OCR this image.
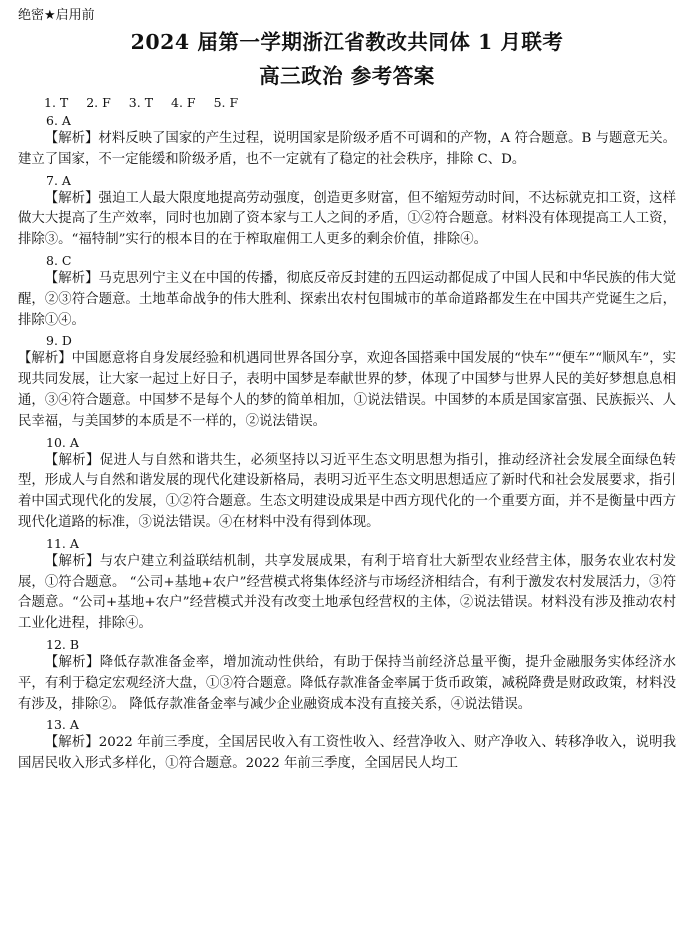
绝密★启用前

2024 届第一学期浙江省教改共同体 1 月联考
高三政治 参考答案
1. T 2. F 3. T 4. F 5. F

6. A

【解析】材料反映了国家的产生过程，说明国家是阶级矛盾不可调和的产物，A 符合题意。B 与题意无关。建立了国家，不一定能缓和阶级矛盾，也不一定就有了稳定的社会秩序，排除 C、D。

7. A

【解析】强迫工人最大限度地提高劳动强度，创造更多财富，但不缩短劳动时间，不达标就克扣工资，这样做大大提高了生产效率，同时也加剧了资本家与工人之间的矛盾，①②符合题意。材料没有体现提高工人工资，排除③。“福特制”实行的根本目的在于榨取雇佣工人更多的剩余价值，排除④。

8. C

【解析】马克思列宁主义在中国的传播，彻底反帝反封建的五四运动都促成了中国人民和中华民族的伟大觉醒，②③符合题意。土地革命战争的伟大胜利、探索出农村包围城市的革命道路都发生在中国共产党诞生之后，排除①④。

9. D

【解析】中国愿意将自身发展经验和机遇同世界各国分享，欢迎各国搭乘中国发展的“快车”“便车”“顺风车”，实现共同发展，让大家一起过上好日子，表明中国梦是奉献世界的梦，体现了中国梦与世界人民的美好梦想息息相通，③④符合题意。中国梦不是每个人的梦的简单相加，①说法错误。中国梦的本质是国家富强、民族振兴、人民幸福，与美国梦的本质是不一样的，②说法错误。

10. A

【解析】促进人与自然和谐共生，必须坚持以习近平生态文明思想为指引，推动经济社会发展全面绿色转型，形成人与自然和谐发展的现代化建设新格局，表明习近平生态文明思想适应了新时代和社会发展要求，指引着中国式现代化的发展，①②符合题意。生态文明建设成果是中西方现代化的一个重要方面，并不是衡量中西方现代化道路的标准，③说法错误。④在材料中没有得到体现。

11. A

【解析】与农户建立利益联结机制，共享发展成果，有利于培育壮大新型农业经营主体，服务农业农村发展，①符合题意。 “公司+基地+农户”经营模式将集体经济与市场经济相结合，有利于激发农村发展活力，③符合题意。“公司+基地+农户”经营模式并没有改变土地承包经营权的主体，②说法错误。材料没有涉及推动农村工业化进程，排除④。

12. B

【解析】降低存款准备金率，增加流动性供给，有助于保持当前经济总量平衡，提升金融服务实体经济水平，有利于稳定宏观经济大盘，①③符合题意。降低存款准备金率属于货币政策，减税降费是财政政策，材料没有涉及，排除②。 降低存款准备金率与减少企业融资成本没有直接关系，④说法错误。

13. A

【解析】2022 年前三季度，全国居民收入有工资性收入、经营净收入、财产净收入、转移净收入，说明我国居民收入形式多样化，①符合题意。2022 年前三季度，全国居民人均工
